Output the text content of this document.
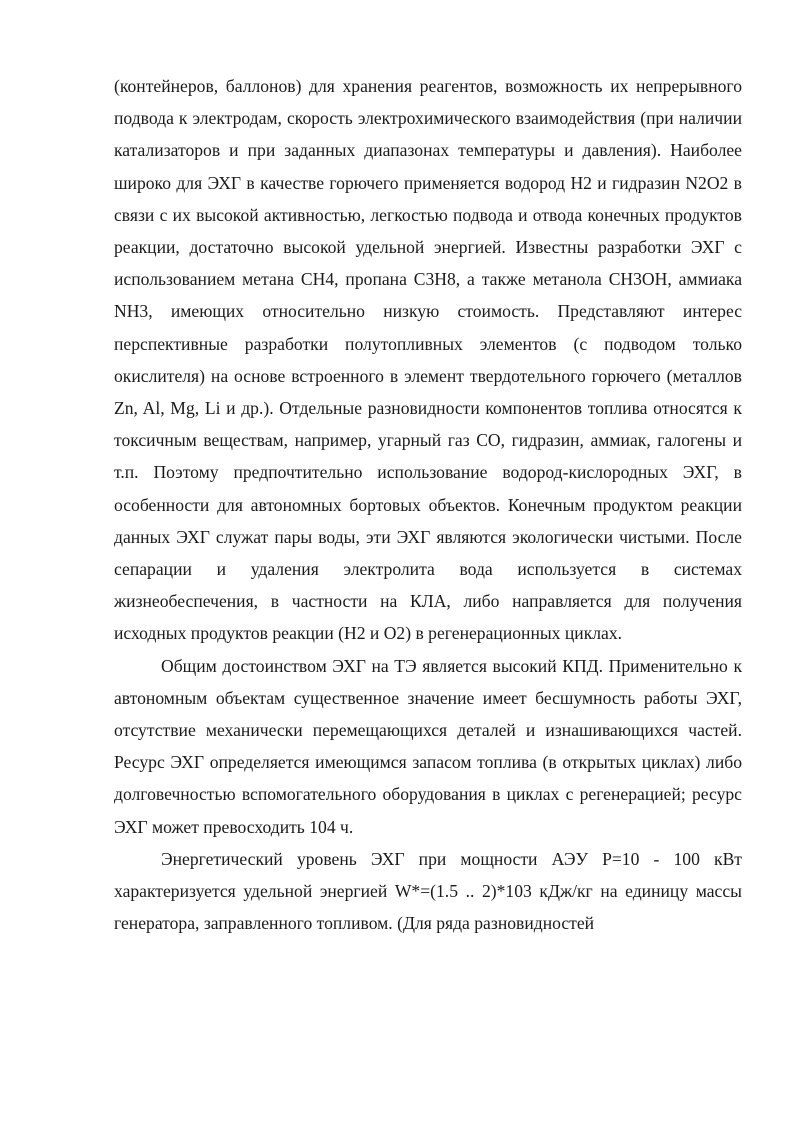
(контейнеров, баллонов) для хранения реагентов, возможность их непрерывного подвода к электродам, скорость электрохимического взаимодействия (при наличии катализаторов и при заданных диапазонах температуры и давления). Наиболее широко для ЭХГ в качестве горючего применяется водород H2 и гидразин N2O2 в связи с их высокой активностью, легкостью подвода и отвода конечных продуктов реакции, достаточно высокой удельной энергией. Известны разработки ЭХГ с использованием метана CH4, пропана C3H8, а также метанола CH3OH, аммиака NH3, имеющих относительно низкую стоимость. Представляют интерес перспективные разработки полутопливных элементов (с подводом только окислителя) на основе встроенного в элемент твердотельного горючего (металлов Zn, Al, Mg, Li и др.). Отдельные разновидности компонентов топлива относятся к токсичным веществам, например, угарный газ CO, гидразин, аммиак, галогены и т.п. Поэтому предпочтительно использование водород-кислородных ЭХГ, в особенности для автономных бортовых объектов. Конечным продуктом реакции данных ЭХГ служат пары воды, эти ЭХГ являются экологически чистыми. После сепарации и удаления электролита вода используется в системах жизнеобеспечения, в частности на КЛА, либо направляется для получения исходных продуктов реакции (H2 и O2) в регенерационных циклах.

Общим достоинством ЭХГ на ТЭ является высокий КПД. Применительно к автономным объектам существенное значение имеет бесшумность работы ЭХГ, отсутствие механически перемещающихся деталей и изнашивающихся частей. Ресурс ЭХГ определяется имеющимся запасом топлива (в открытых циклах) либо долговечностью вспомогательного оборудования в циклах с регенерацией; ресурс ЭХГ может превосходить 104 ч.

Энергетический уровень ЭХГ при мощности АЭУ P=10 - 100 кВт характеризуется удельной энергией W*=(1.5 .. 2)*103 кДж/кг на единицу массы генератора, заправленного топливом. (Для ряда разновидностей
